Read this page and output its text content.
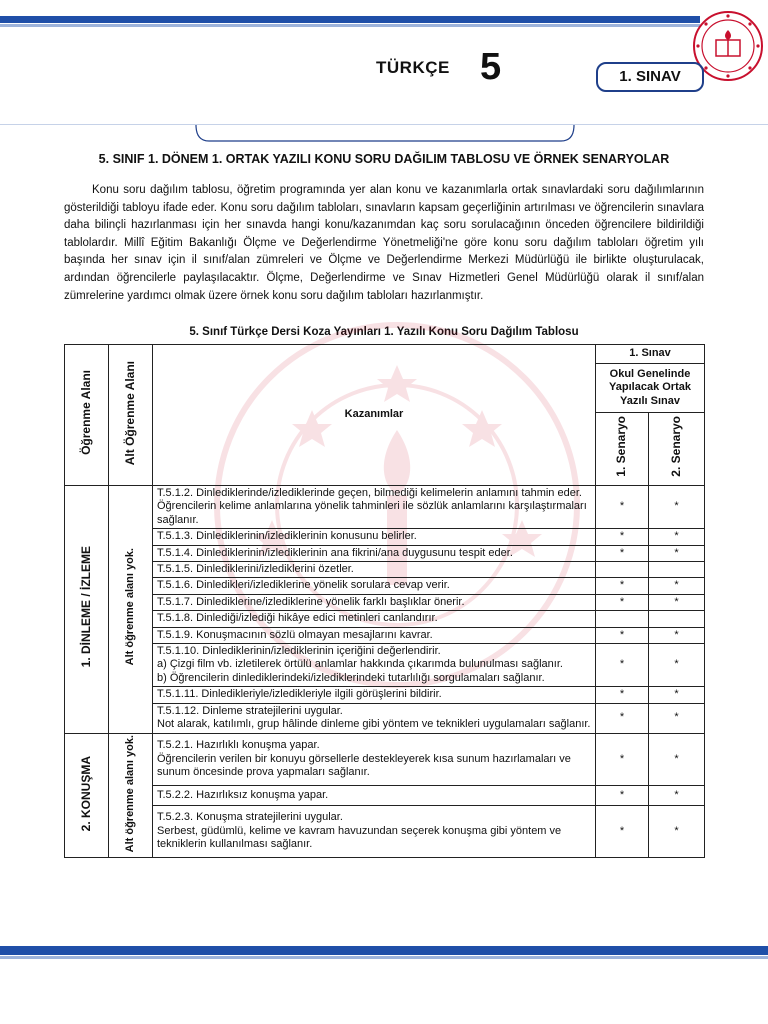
TÜRKÇE 5	1. SINAV
5. SINIF 1. DÖNEM 1. ORTAK YAZILI KONU SORU DAĞILIM TABLOSU VE ÖRNEK SENARYOLAR

Konu soru dağılım tablosu, öğretim programında yer alan konu ve kazanımlarla ortak sınavlardaki soru dağılımlarının gösterildiği tabloyu ifade eder. Konu soru dağılım tabloları, sınavların kapsam geçerliğinin artırılması ve öğrencilerin sınavlara daha bilinçli hazırlanması için her sınavda hangi konu/kazanımdan kaç soru sorulacağının önceden öğrencilere bildirildiği tablolardır. Millî Eğitim Bakanlığı Ölçme ve Değerlendirme Yönetmeliği'ne göre konu soru dağılım tabloları öğretim yılı başında her sınav için il sınıf/alan zümreleri ve Ölçme ve Değerlendirme Merkezi Müdürlüğü ile birlikte oluşturulacak, ardından öğrencilerle paylaşılacaktır. Ölçme, Değerlendirme ve Sınav Hizmetleri Genel Müdürlüğü olarak il sınıf/alan zümrelerine yardımcı olmak üzere örnek konu soru dağılım tabloları hazırlanmıştır.

5. Sınıf Türkçe Dersi Koza Yayınları 1. Yazılı Konu Soru Dağılım Tablosu
Öğrenme Alanı	Alt Öğrenme Alanı	Kazanımlar	1. Sınav	
			Okul Genelinde Yapılacak Ortak Yazılı Sınav	
			1. Senaryo	2. Senaryo
1. DİNLEME / İZLEME	Alt öğrenme alanı yok.	T.5.1.2. Dinlediklerinde/izlediklerinde geçen, bilmediği kelimelerin anlamını tahmin eder.
Öğrencilerin kelime anlamlarına yönelik tahminleri ile sözlük anlamlarını karşılaştırmaları sağlanır.	*	*

		T.5.1.3. Dinlediklerinin/izlediklerinin konusunu belirler.	*	*

		T.5.1.4. Dinlediklerinin/izlediklerinin ana fikrini/ana duygusunu tespit eder.	*	*

		T.5.1.5. Dinlediklerini/izlediklerini özetler.		

		T.5.1.6. Dinledikleri/izlediklerine yönelik sorulara cevap verir.	*	*

		T.5.1.7. Dinlediklerine/izlediklerine yönelik farklı başlıklar önerir.	*	*

		T.5.1.8. Dinlediği/izlediği hikâye edici metinleri canlandırır.		

		T.5.1.9. Konuşmacının sözlü olmayan mesajlarını kavrar.	*	*

		T.5.1.10. Dinlediklerinin/izlediklerinin içeriğini değerlendirir.
a) Çizgi film vb. izletilerek örtülü anlamlar hakkında çıkarımda bulunulması sağlanır.
b) Öğrencilerin dinlediklerindeki/izlediklerindeki tutarlılığı sorgulamaları sağlanır.	*	*

		T.5.1.11. Dinledikleriyle/izledikleriyle ilgili görüşlerini bildirir.	*	*

		T.5.1.12. Dinleme stratejilerini uygular.
Not alarak, katılımlı, grup hâlinde dinleme gibi yöntem ve teknikleri uygulamaları sağlanır.	*	*
2. KONUŞMA	Alt öğrenme alanı yok.	T.5.2.1. Hazırlıklı konuşma yapar.
Öğrencilerin verilen bir konuyu görsellerle destekleyerek kısa sunum hazırlamaları ve sunum öncesinde prova yapmaları sağlanır.	*	*

		T.5.2.2. Hazırlıksız konuşma yapar.	*	*

		T.5.2.3. Konuşma stratejilerini uygular.
Serbest, güdümlü, kelime ve kavram havuzundan seçerek konuşma gibi yöntem ve tekniklerin kullanılması sağlanır.	*	*
